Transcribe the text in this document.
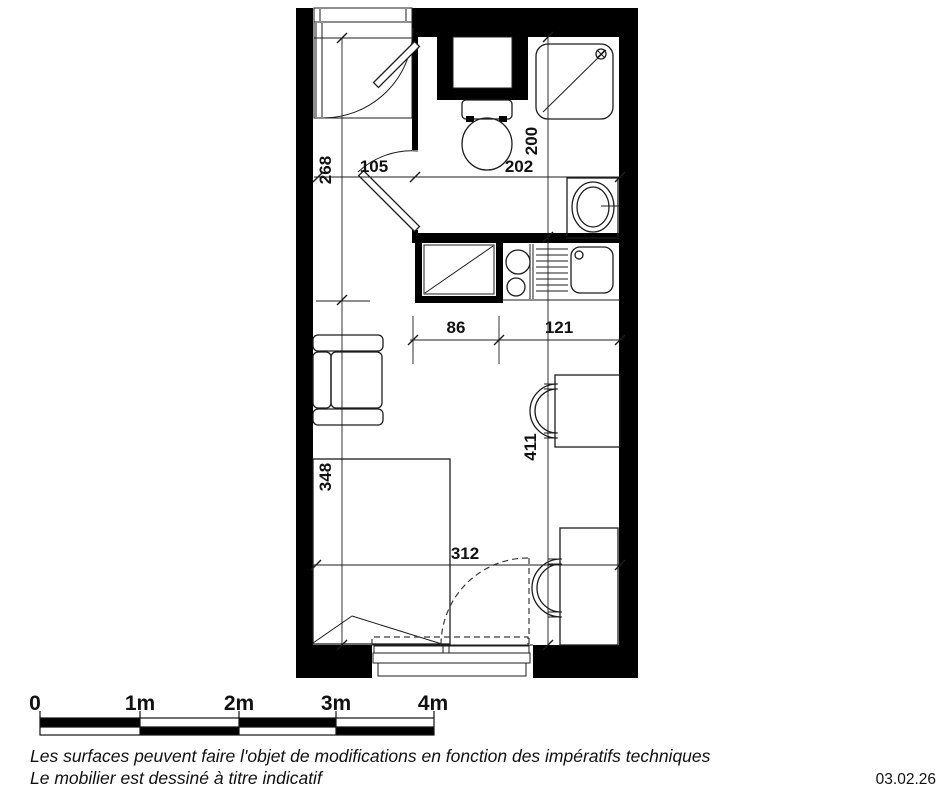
105	202
86	121
312
268
348
200
411
0	1m	2m	3m	4m
Les surfaces peuvent faire l'objet de modifications en fonction des impératifs techniques
Le mobilier est dessiné à titre indicatif	03.02.26
